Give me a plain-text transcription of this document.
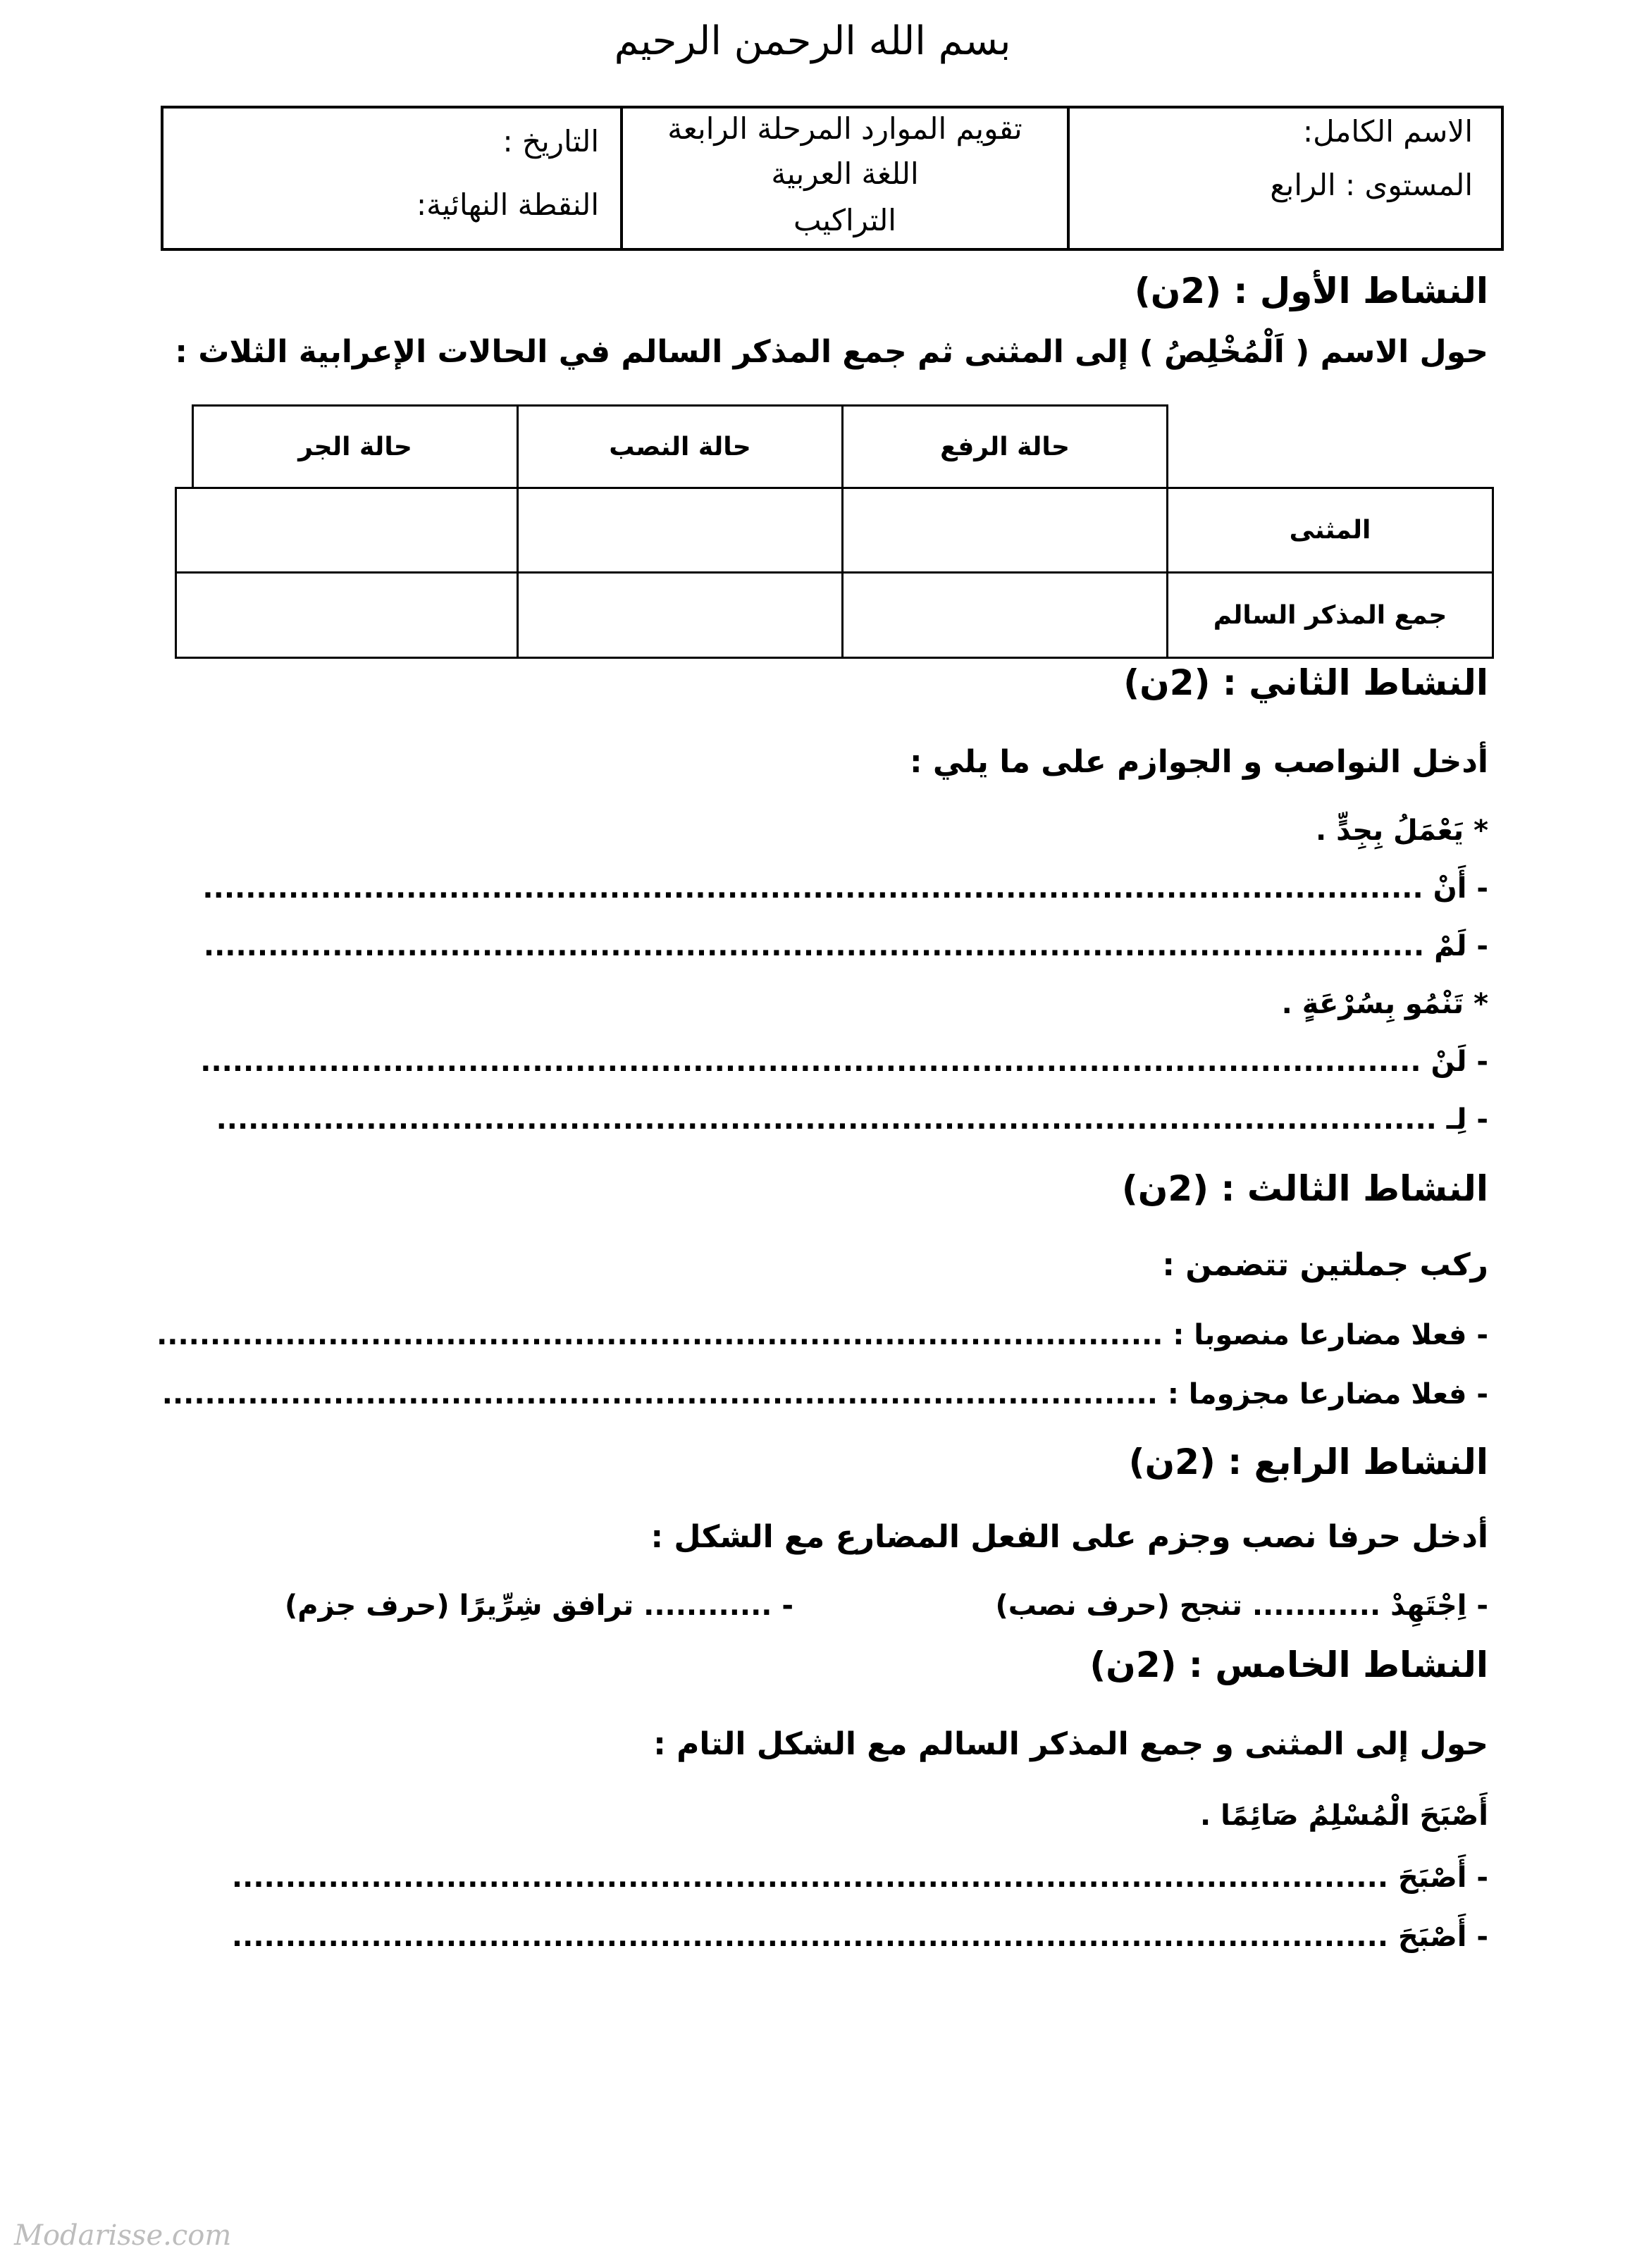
بسم الله الرحمن الرحيم
الاسم الكامل:
المستوى : الرابع
تقويم الموارد المرحلة الرابعة
اللغة العربية
التراكيب
التاريخ :
النقطة النهائية:
النشاط الأول : (2ن)
حول الاسم ( اَلْمُخْلِصُ ) إلى المثنى ثم جمع المذكر السالم في الحالات الإعرابية الثلاث :
حالة الرفع
حالة النصب
حالة الجر
المثنى
جمع المذكر السالم
النشاط الثاني : (2ن)
أدخل النواصب و الجوازم على ما يلي :
* يَعْمَلُ بِجِدٍّ .
- أَنْ ..................................................................................................................
- لَمْ ..................................................................................................................
* تَنْمُو بِسُرْعَةٍ .
- لَنْ ..................................................................................................................
- لِـ ..................................................................................................................
النشاط الثالث : (2ن)
ركب جملتين تتضمن :
- فعلا مضارعا منصوبا : ..............................................................................................
- فعلا مضارعا مجزوما : .............................................................................................
النشاط الرابع : (2ن)
أدخل حرفا نصب وجزم على الفعل المضارع مع الشكل :
- اِجْتَهِدْ ............ تنجح (حرف نصب)
- ............ ترافق شِرِّيرًا (حرف جزم)
النشاط الخامس : (2ن)
حول إلى المثنى و جمع المذكر السالم مع الشكل التام :
أَصْبَحَ الْمُسْلِمُ صَائِمًا .
- أَصْبَحَ ............................................................................................................
- أَصْبَحَ ............................................................................................................
Modarisse.com
